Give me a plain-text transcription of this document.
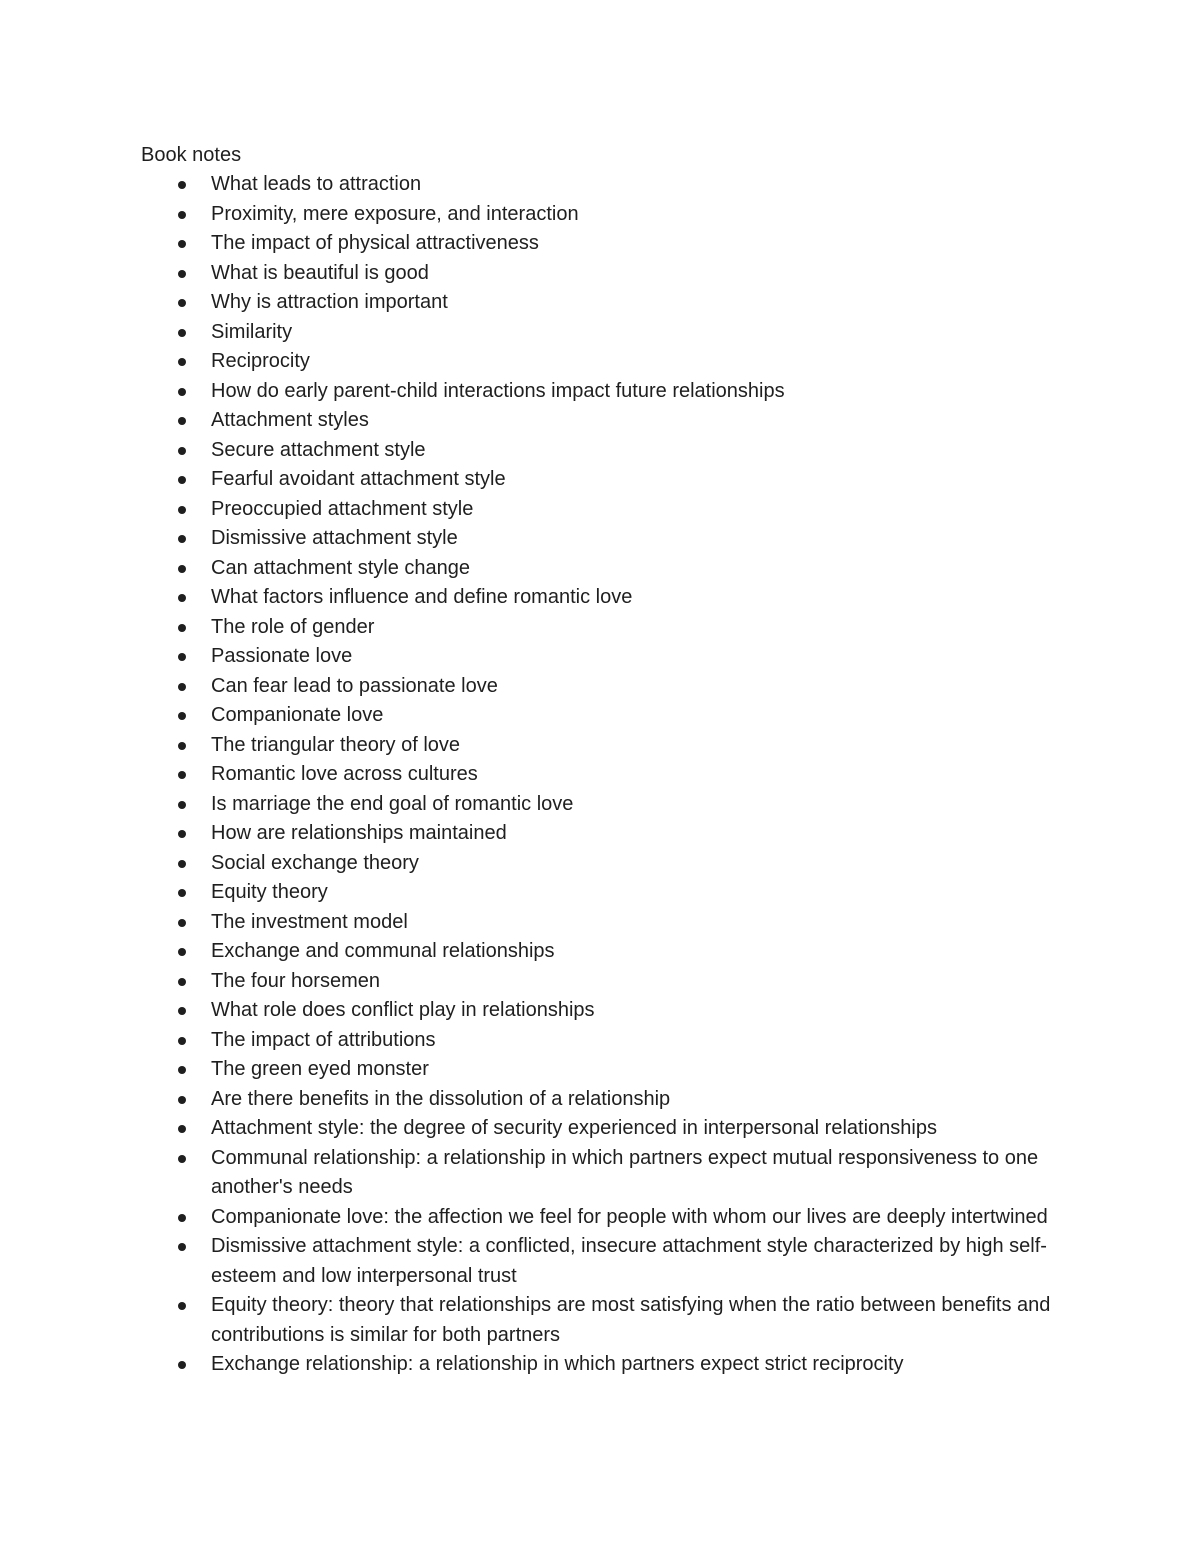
Book notes
What leads to attraction
Proximity, mere exposure, and interaction
The impact of physical attractiveness
What is beautiful is good
Why is attraction important
Similarity
Reciprocity
How do early parent-child interactions impact future relationships
Attachment styles
Secure attachment style
Fearful avoidant attachment style
Preoccupied attachment style
Dismissive attachment style
Can attachment style change
What factors influence and define romantic love
The role of gender
Passionate love
Can fear lead to passionate love
Companionate love
The triangular theory of love
Romantic love across cultures
Is marriage the end goal of romantic love
How are relationships maintained
Social exchange theory
Equity theory
The investment model
Exchange and communal relationships
The four horsemen
What role does conflict play in relationships
The impact of attributions
The green eyed monster
Are there benefits in the dissolution of a relationship
Attachment style: the degree of security experienced in interpersonal relationships
Communal relationship: a relationship in which partners expect mutual responsiveness to one another's needs
Companionate love: the affection we feel for people with whom our lives are deeply intertwined
Dismissive attachment style: a conflicted, insecure attachment style characterized by high self-esteem and low interpersonal trust
Equity theory: theory that relationships are most satisfying when the ratio between benefits and contributions is similar for both partners
Exchange relationship: a relationship in which partners expect strict reciprocity
